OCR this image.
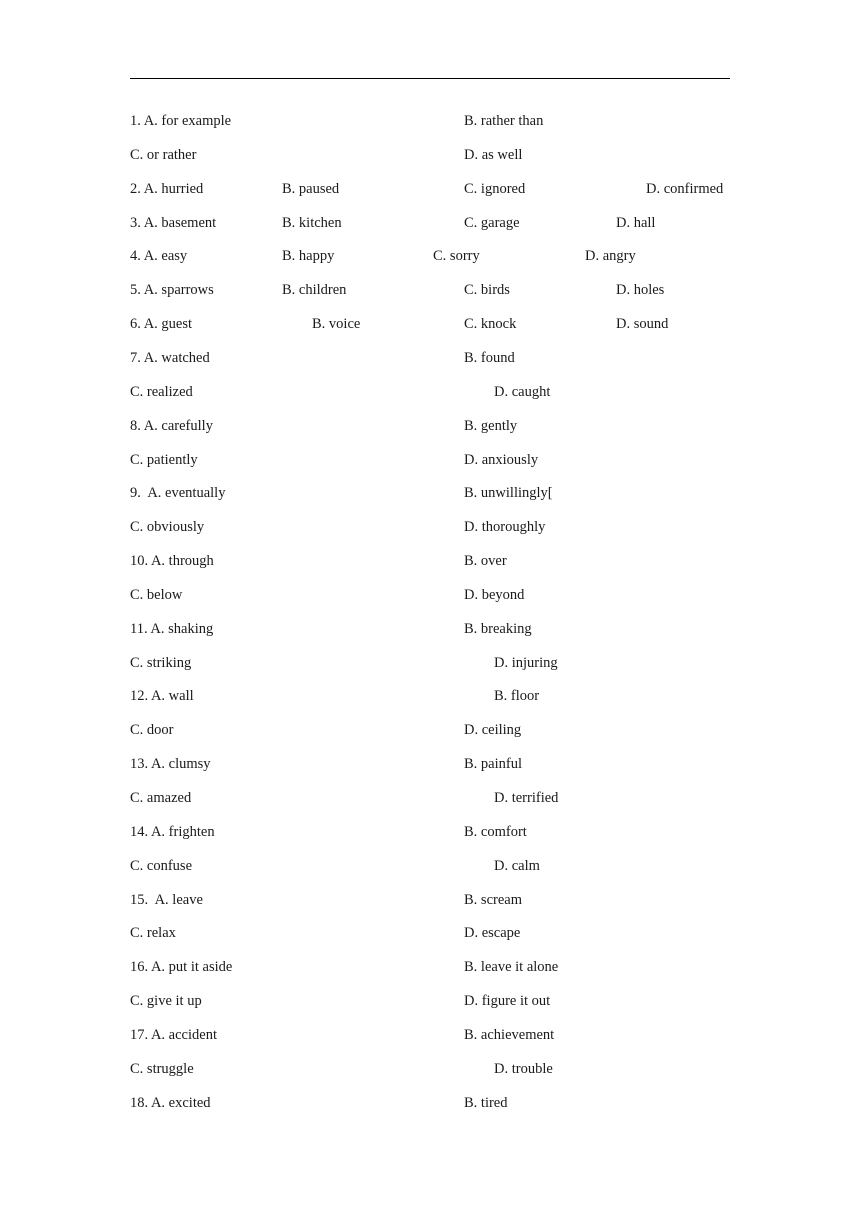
1. A. for example	B. rather than
C. or rather	D. as well
2. A. hurried	B. paused	C. ignored	D. confirmed
3. A. basement	B. kitchen	C. garage	D. hall
4. A. easy	B. happy	C. sorry	D. angry
5. A. sparrows	B. children	C. birds	D. holes
6. A. guest	B. voice	C. knock	D. sound
7. A. watched	B. found
C. realized	D. caught
8. A. carefully	B. gently
C. patiently	D. anxiously
9.  A. eventually	B. unwillingly[
C. obviously	D. thoroughly
10. A. through	B. over
C. below	D. beyond
11. A. shaking	B. breaking
C. striking	D. injuring
12. A. wall	B. floor
C. door	D. ceiling
13. A. clumsy	B. painful
C. amazed	D. terrified
14. A. frighten	B. comfort
C. confuse	D. calm
15.  A. leave	B. scream
C. relax	D. escape
16. A. put it aside	B. leave it alone
C. give it up	D. figure it out
17. A. accident	B. achievement
C. struggle	D. trouble
18. A. excited	B. tired
